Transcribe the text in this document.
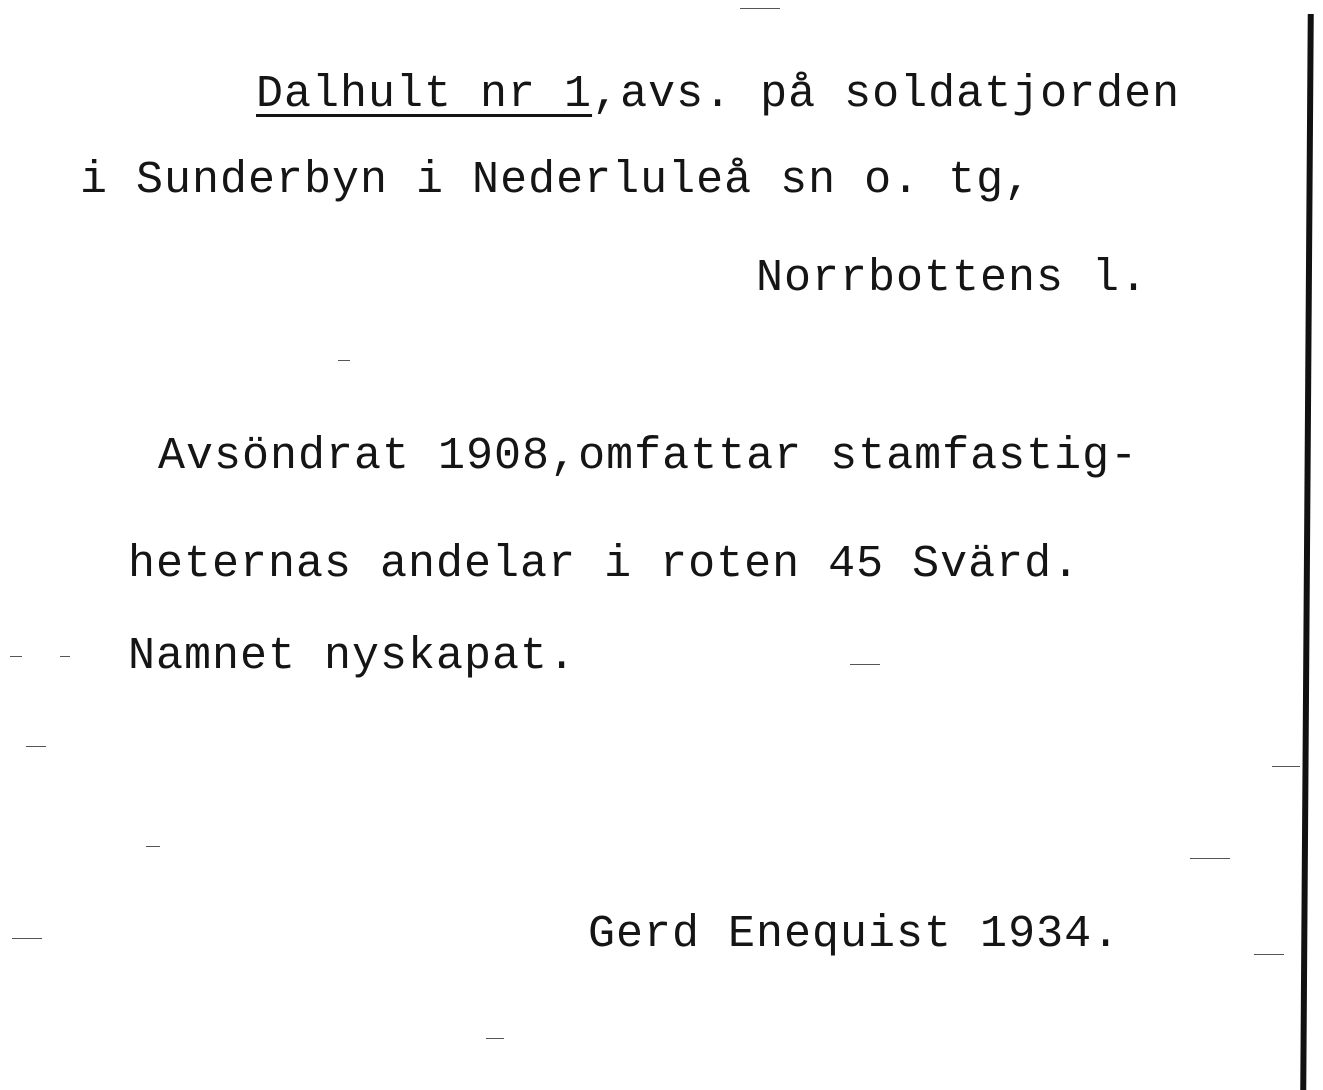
Dalhult nr 1,avs. på soldatjorden
i Sunderbyn i Nederluleå sn o. tg,
Norrbottens l.
Avsöndrat 1908,omfattar stamfastig-
heternas andelar i roten 45 Svärd.
Namnet nyskapat.
Gerd Enequist 1934.
